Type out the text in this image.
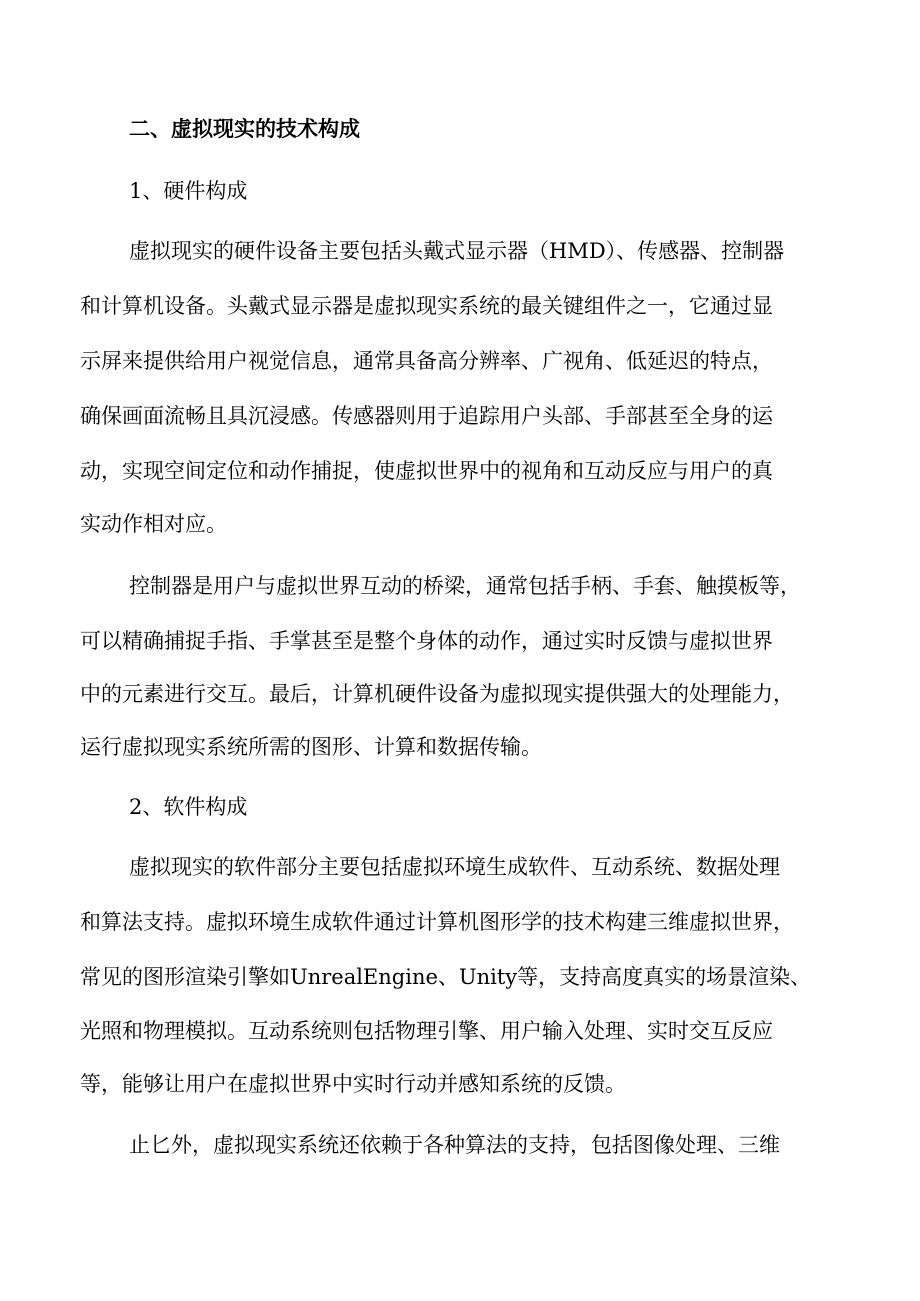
二、虚拟现实的技术构成
1、硬件构成
虚拟现实的硬件设备主要包括头戴式显示器（HMD）、传感器、控制器
和计算机设备。头戴式显示器是虚拟现实系统的最关键组件之一，它通过显
示屏来提供给用户视觉信息，通常具备高分辨率、广视角、低延迟的特点，
确保画面流畅且具沉浸感。传感器则用于追踪用户头部、手部甚至全身的运
动，实现空间定位和动作捕捉，使虚拟世界中的视角和互动反应与用户的真
实动作相对应。
控制器是用户与虚拟世界互动的桥梁，通常包括手柄、手套、触摸板等，
可以精确捕捉手指、手掌甚至是整个身体的动作，通过实时反馈与虚拟世界
中的元素进行交互。最后，计算机硬件设备为虚拟现实提供强大的处理能力，
运行虚拟现实系统所需的图形、计算和数据传输。
2、软件构成
虚拟现实的软件部分主要包括虚拟环境生成软件、互动系统、数据处理
和算法支持。虚拟环境生成软件通过计算机图形学的技术构建三维虚拟世界，
常见的图形渲染引擎如UnrealEngine、Unity等，支持高度真实的场景渲染、
光照和物理模拟。互动系统则包括物理引擎、用户输入处理、实时交互反应
等，能够让用户在虚拟世界中实时行动并感知系统的反馈。
止匕外，虚拟现实系统还依赖于各种算法的支持，包括图像处理、三维
